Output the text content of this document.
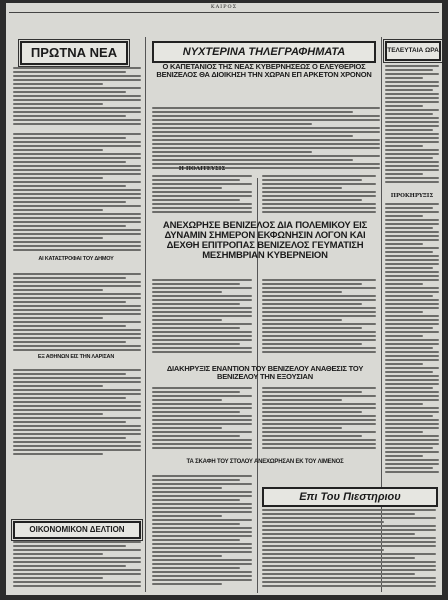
ΚΑΙΡΟΣ
ΠΡΩΤΝΑ ΝΕΑ
ΑΙ ΚΑΤΑΣΤΡΟΦΑΙ ΤΟΥ ΔΗΜΟΥ
ΕΞ ΑΘΗΝΩΝ ΕΙΣ ΤΗΝ ΛΑΡΙΣΑΝ
ΟΙΚΟΝΟΜΙΚΟΝ ΔΕΛΤΙΟΝ
ΝΥΧΤΕΡΙΝΑ ΤΗΛΕΓΡΑΦΗΜΑΤΑ
Ο ΚΑΠΕΤΑΝΙΟΣ ΤΗΣ ΝΕΑΣ ΚΥΒΕΡΝΗΣΕΩΣ Ο ΕΛΕΥΘΕΡΙΟΣ ΒΕΝΙΖΕΛΟΣ ΘΑ ΔΙΟΙΚΗΣΗ ΤΗΝ ΧΩΡΑΝ ΕΠ ΑΡΚΕΤΟΝ ΧΡΟΝΟΝ
Η ΠΟΛΙΤΕΥΣΙΣ
ΑΝΕΧΩΡΗΣΕ ΒΕΝΙΖΕΛΟΣ ΔΙΑ ΠΟΛΕΜΙΚΟΥ ΕΙΣ ΔΥΝΑΜΙΝ ΣΗΜΕΡΟΝ ΕΚΦΩΝΗΣΙΝ ΛΟΓΟΝ ΚΑΙ ΔΕΧΘΗ ΕΠΙΤΡΟΠΑΣ ΒΕΝΙΖΕΛΟΣ ΓΕΥΜΑΤΙΣΗ ΜΕΣΗΜΒΡΙΑΝ ΚΥΒΕΡΝΕΙΟΝ
ΔΙΑΚΗΡΥΞΙΣ ΕΝΑΝΤΙΟΝ ΤΟΥ ΒΕΝΙΖΕΛΟΥ ΑΝΑΘΕΣΙΣ ΤΟΥ ΒΕΝΙΖΕΛΟΥ ΤΗΝ ΕΞΟΥΣΙΑΝ
ΤΑ ΣΚΑΦΗ ΤΟΥ ΣΤΟΛΟΥ ΑΝΕΧΩΡΗΣΑΝ ΕΚ ΤΟΥ ΛΙΜΕΝΟΣ
Επι Του Πιεστηριου
ΤΕΛΕΥΤΑΙΑ ΩΡΑ
ΠΡΟΚΗΡΥΞΙΣ
